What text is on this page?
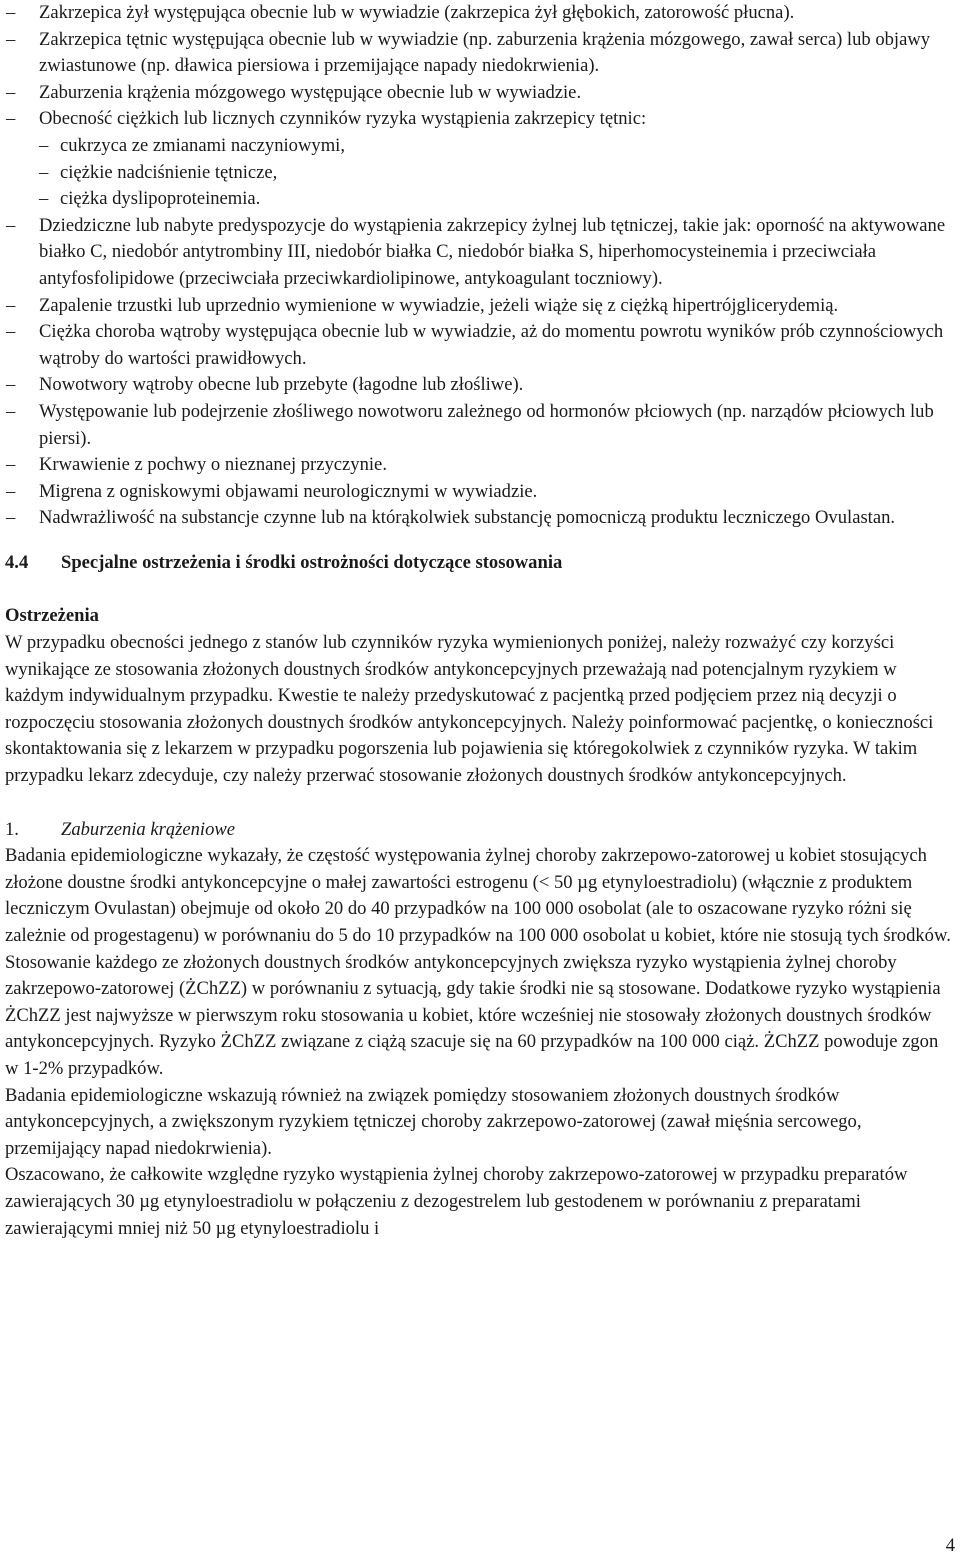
– Zakrzepica żył występująca obecnie lub w wywiadzie (zakrzepica żył głębokich, zatorowość płucna).
– Zakrzepica tętnic występująca obecnie lub w wywiadzie (np. zaburzenia krążenia mózgowego, zawał serca) lub objawy zwiastunowe (np. dławica piersiowa i przemijające napady niedokrwienia).
– Zaburzenia krążenia mózgowego występujące obecnie lub w wywiadzie.
– Obecność ciężkich lub licznych czynników ryzyka wystąpienia zakrzepicy tętnic:
– cukrzyca ze zmianami naczyniowymi,
– ciężkie nadciśnienie tętnicze,
– ciężka dyslipoproteinemia.
– Dziedziczne lub nabyte predyspozycje do wystąpienia zakrzepicy żylnej lub tętniczej, takie jak: oporność na aktywowane białko C, niedobór antytrombiny III, niedobór białka C, niedobór białka S, hiperhomocysteinemia i przeciwciała antyfosfolipidowe (przeciwciała przeciwkardiolipinowe, antykoagulant toczniowy).
– Zapalenie trzustki lub uprzednio wymienione w wywiadzie, jeżeli wiąże się z ciężką hipertrójglicerydemią.
– Ciężka choroba wątroby występująca obecnie lub w wywiadzie, aż do momentu powrotu wyników prób czynnościowych wątroby do wartości prawidłowych.
– Nowotwory wątroby obecne lub przebyte (łagodne lub złośliwe).
– Występowanie lub podejrzenie złośliwego nowotworu zależnego od hormonów płciowych (np. narządów płciowych lub piersi).
– Krwawienie z pochwy o nieznanej przyczynie.
– Migrena z ogniskowymi objawami neurologicznymi w wywiadzie.
– Nadwrażliwość na substancje czynne lub na którąkolwiek substancję pomocniczą produktu leczniczego Ovulastan.
4.4	Specjalne ostrzeżenia i środki ostrożności dotyczące stosowania
Ostrzeżenia
W przypadku obecności jednego z stanów lub czynników ryzyka wymienionych poniżej, należy rozważyć czy korzyści wynikające ze stosowania złożonych doustnych środków antykoncepcyjnych przeważają nad potencjalnym ryzykiem w każdym indywidualnym przypadku. Kwestie te należy przedyskutować z pacjentką przed podjęciem przez nią decyzji o rozpoczęciu stosowania złożonych doustnych środków antykoncepcyjnych. Należy poinformować pacjentkę, o konieczności skontaktowania się z lekarzem w przypadku pogorszenia lub pojawienia się któregokolwiek z czynników ryzyka. W takim przypadku lekarz zdecyduje, czy należy przerwać stosowanie złożonych doustnych środków antykoncepcyjnych.
1.	Zaburzenia krążeniowe
Badania epidemiologiczne wykazały, że częstość występowania żylnej choroby zakrzepowo-zatorowej u kobiet stosujących złożone doustne środki antykoncepcyjne o małej zawartości estrogenu (< 50 µg etynyloestradiolu) (włącznie z produktem leczniczym Ovulastan) obejmuje od około 20 do 40 przypadków na 100 000 osobolat (ale to oszacowane ryzyko różni się zależnie od progestagenu) w porównaniu do 5 do 10 przypadków na 100 000 osobolat u kobiet, które nie stosują tych środków. Stosowanie każdego ze złożonych doustnych środków antykoncepcyjnych zwiększa ryzyko wystąpienia żylnej choroby zakrzepowo-zatorowej (ŻChZZ) w porównaniu z sytuacją, gdy takie środki nie są stosowane. Dodatkowe ryzyko wystąpienia ŻChZZ jest najwyższe w pierwszym roku stosowania u kobiet, które wcześniej nie stosowały złożonych doustnych środków antykoncepcyjnych. Ryzyko ŻChZZ związane z ciążą szacuje się na 60 przypadków na 100 000 ciąż. ŻChZZ powoduje zgon w 1-2% przypadków.
Badania epidemiologiczne wskazują również na związek pomiędzy stosowaniem złożonych doustnych środków antykoncepcyjnych, a zwiększonym ryzykiem tętniczej choroby zakrzepowo-zatorowej (zawał mięśnia sercowego, przemijający napad niedokrwienia).
Oszacowano, że całkowite względne ryzyko wystąpienia żylnej choroby zakrzepowo-zatorowej w przypadku preparatów zawierających 30 µg etynyloestradiolu w połączeniu z dezogestrelem lub gestodenem w porównaniu z preparatami zawierającymi mniej niż 50 µg etynyloestradiolu i
4
